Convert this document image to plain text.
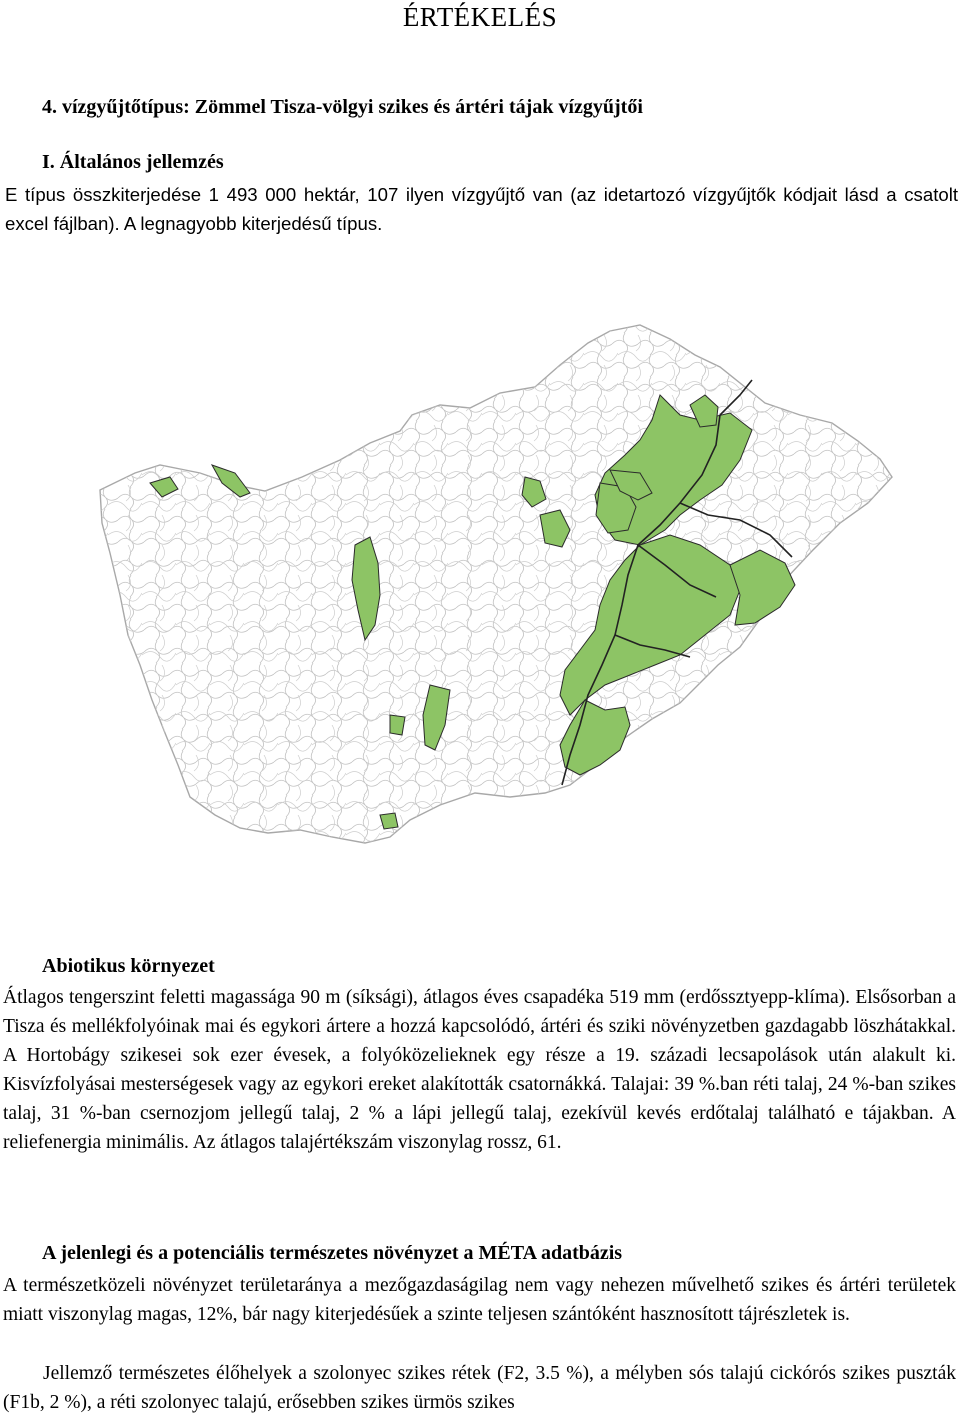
ÉRTÉKELÉS
4. vízgyűjtőtípus: Zömmel Tisza-völgyi szikes és ártéri tájak vízgyűjtői
I. Általános jellemzés

E típus összkiterjedése 1 493 000 hektár, 107 ilyen vízgyűjtő van (az idetartozó vízgyűjtők kódjait lásd a csatolt excel fájlban). A legnagyobb kiterjedésű típus.

Abiotikus környezet

Átlagos tengerszint feletti magassága 90 m (síksági), átlagos éves csapadéka 519 mm (erdőssztyepp-klíma). Elsősorban a Tisza és mellékfolyóinak mai és egykori ártere a hozzá kapcsolódó, ártéri és sziki növényzetben gazdagabb löszhátakkal. A Hortobágy szikesei sok ezer évesek, a folyóközelieknek egy része a 19. századi lecsapolások után alakult ki. Kisvízfolyásai mesterségesek vagy az egykori ereket alakították csatornákká. Talajai: 39 %.ban réti talaj, 24 %-ban szikes talaj, 31 %-ban csernozjom jellegű talaj, 2 % a lápi jellegű talaj, ezekívül kevés erdőtalaj található e tájakban. A reliefenergia minimális. Az átlagos talajértékszám viszonylag rossz, 61.

A jelenlegi és a potenciális természetes növényzet a MÉTA adatbázis

A természetközeli növényzet területaránya a mezőgazdaságilag nem vagy nehezen művelhető szikes és ártéri területek miatt viszonylag magas, 12%, bár nagy kiterjedésűek a szinte teljesen szántóként hasznosított tájrészletek is.

Jellemző természetes élőhelyek a szolonyec szikes rétek (F2, 3.5 %), a mélyben sós talajú cickórós szikes puszták (F1b, 2 %), a réti szolonyec talajú, erősebben szikes ürmös szikes
